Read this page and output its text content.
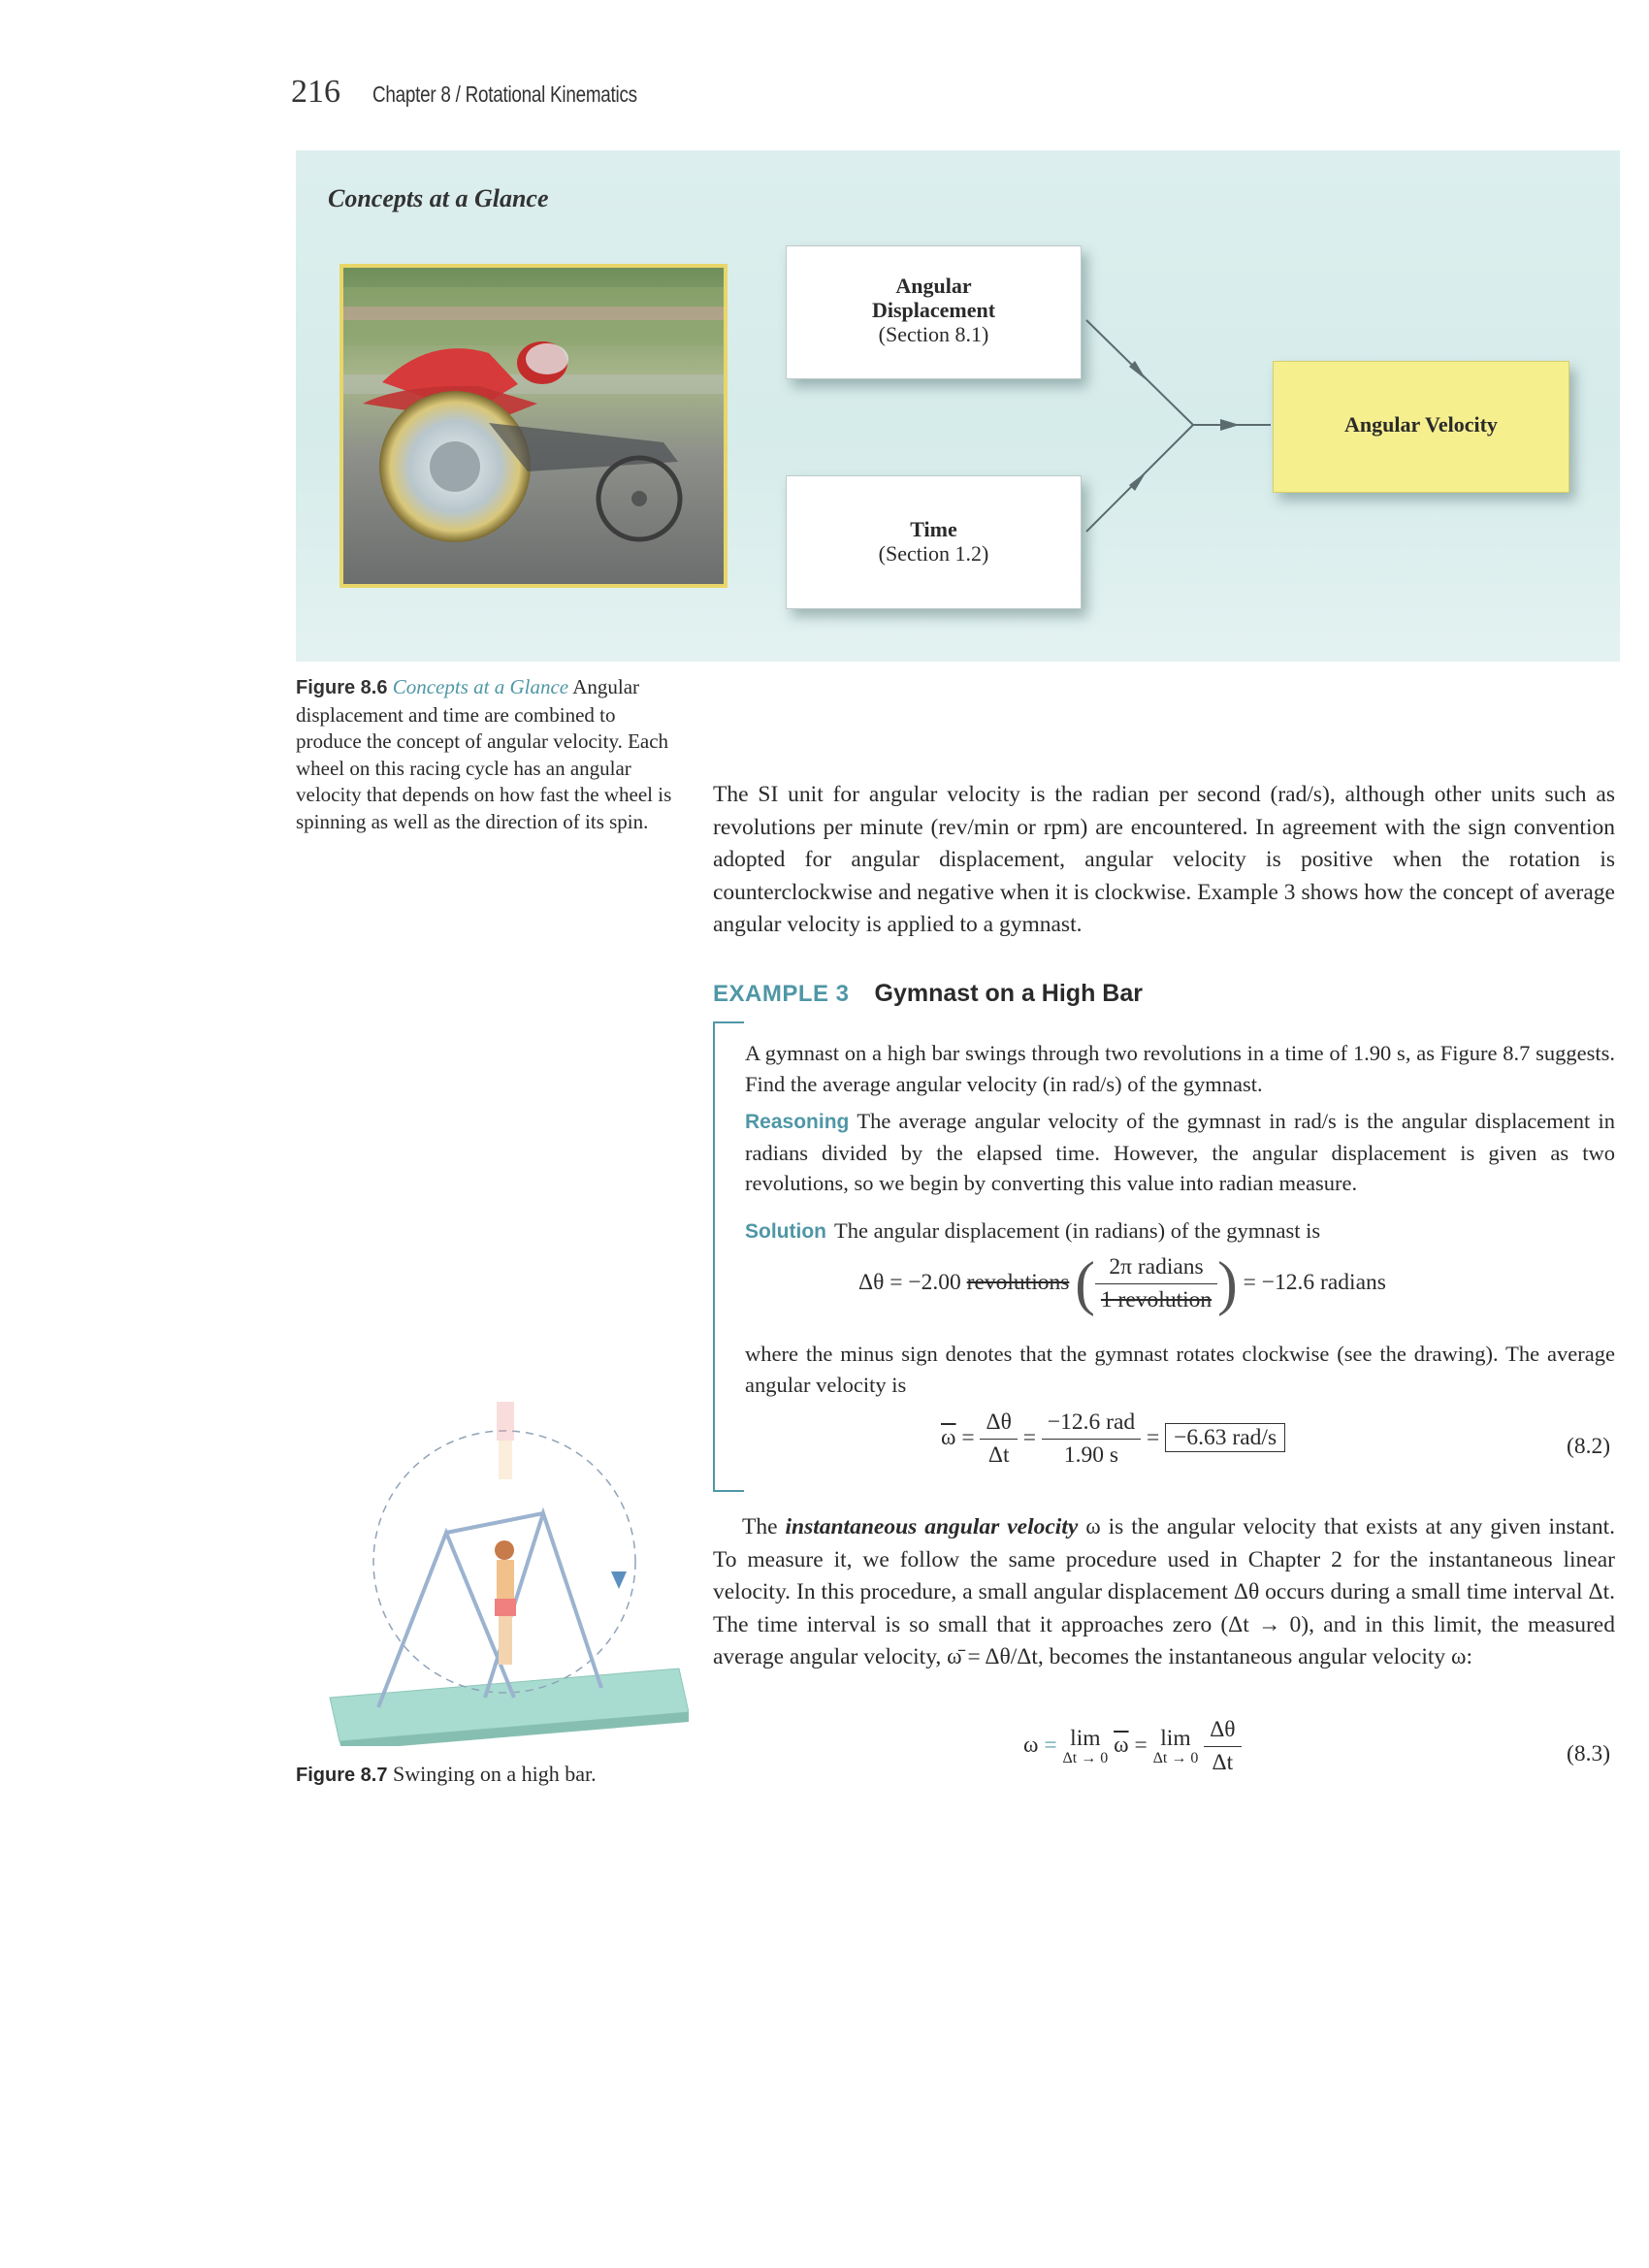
216 Chapter 8 / Rotational Kinematics
Concepts at a Glance
Angular
Displacement
(Section 8.1)
Time
(Section 1.2)
Angular Velocity
Figure 8.6 Concepts at a Glance Angular displacement and time are combined to produce the concept of angular velocity. Each wheel on this racing cycle has an angular velocity that depends on how fast the wheel is spinning as well as the direction of its spin.
The SI unit for angular velocity is the radian per second (rad/s), although other units such as revolutions per minute (rev/min or rpm) are encountered. In agreement with the sign convention adopted for angular displacement, angular velocity is positive when the rotation is counterclockwise and negative when it is clockwise. Example 3 shows how the concept of average angular velocity is applied to a gymnast.
EXAMPLE 3 Gymnast on a High Bar
A gymnast on a high bar swings through two revolutions in a time of 1.90 s, as Figure 8.7 suggests. Find the average angular velocity (in rad/s) of the gymnast.
Reasoning The average angular velocity of the gymnast in rad/s is the angular displacement in radians divided by the elapsed time. However, the angular displacement is given as two revolutions, so we begin by converting this value into radian measure.
Solution The angular displacement (in radians) of the gymnast is
Δθ = −2.00 revolutions ( $\frac{\text{2π radians}}{\text{1 revolution}}$ ) = −12.6 radians
where the minus sign denotes that the gymnast rotates clockwise (see the drawing). The average angular velocity is
$\overline{\omega} = \frac{\Delta\theta}{\Delta t} = \frac{\text{−12.6 rad}}{1.90 s} = -6.63$ rad/s	(8.2)
The instantaneous angular velocity ω is the angular velocity that exists at any given instant. To measure it, we follow the same procedure used in Chapter 2 for the instantaneous linear velocity. In this procedure, a small angular displacement Δθ occurs during a small time interval Δt. The time interval is so small that it approaches zero (Δt → 0), and in this limit, the measured average angular velocity, ω̄ = Δθ/Δt, becomes the instantaneous angular velocity ω:
ω = lim
Δt → 0
$\overline{\omega} = \lim$
Δt → 0
$\frac{\Delta\theta}{\Delta t}$	(8.3)
Figure 8.7 Swinging on a high bar.
